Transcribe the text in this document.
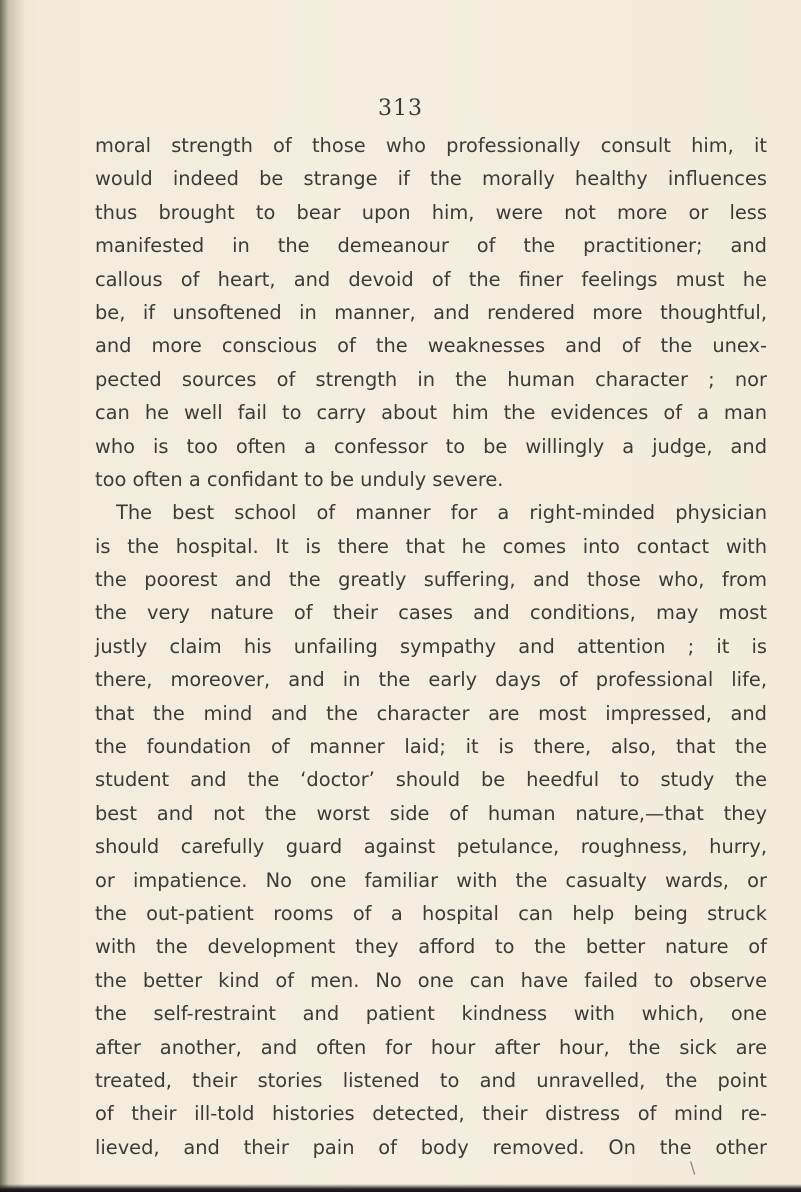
313
moral strength of those who professionally consult him, it
would indeed be strange if the morally healthy influences
thus brought to bear upon him, were not more or less
manifested in the demeanour of the practitioner; and
callous of heart, and devoid of the finer feelings must he
be, if unsoftened in manner, and rendered more thoughtful,
and more conscious of the weaknesses and of the unex-
pected sources of strength in the human character ; nor
can he well fail to carry about him the evidences of a man
who is too often a confessor to be willingly a judge, and
too often a confidant to be unduly severe.
The best school of manner for a right-minded physician
is the hospital. It is there that he comes into contact with
the poorest and the greatly suffering, and those who, from
the very nature of their cases and conditions, may most
justly claim his unfailing sympathy and attention ; it is
there, moreover, and in the early days of professional life,
that the mind and the character are most impressed, and
the foundation of manner laid; it is there, also, that the
student and the ‘doctor’ should be heedful to study the
best and not the worst side of human nature,—that they
should carefully guard against petulance, roughness, hurry,
or impatience. No one familiar with the casualty wards, or
the out-patient rooms of a hospital can help being struck
with the development they afford to the better nature of
the better kind of men. No one can have failed to observe
the self-restraint and patient kindness with which, one
after another, and often for hour after hour, the sick are
treated, their stories listened to and unravelled, the point
of their ill-told histories detected, their distress of mind re-
lieved, and their pain of body removed. On the other
\
